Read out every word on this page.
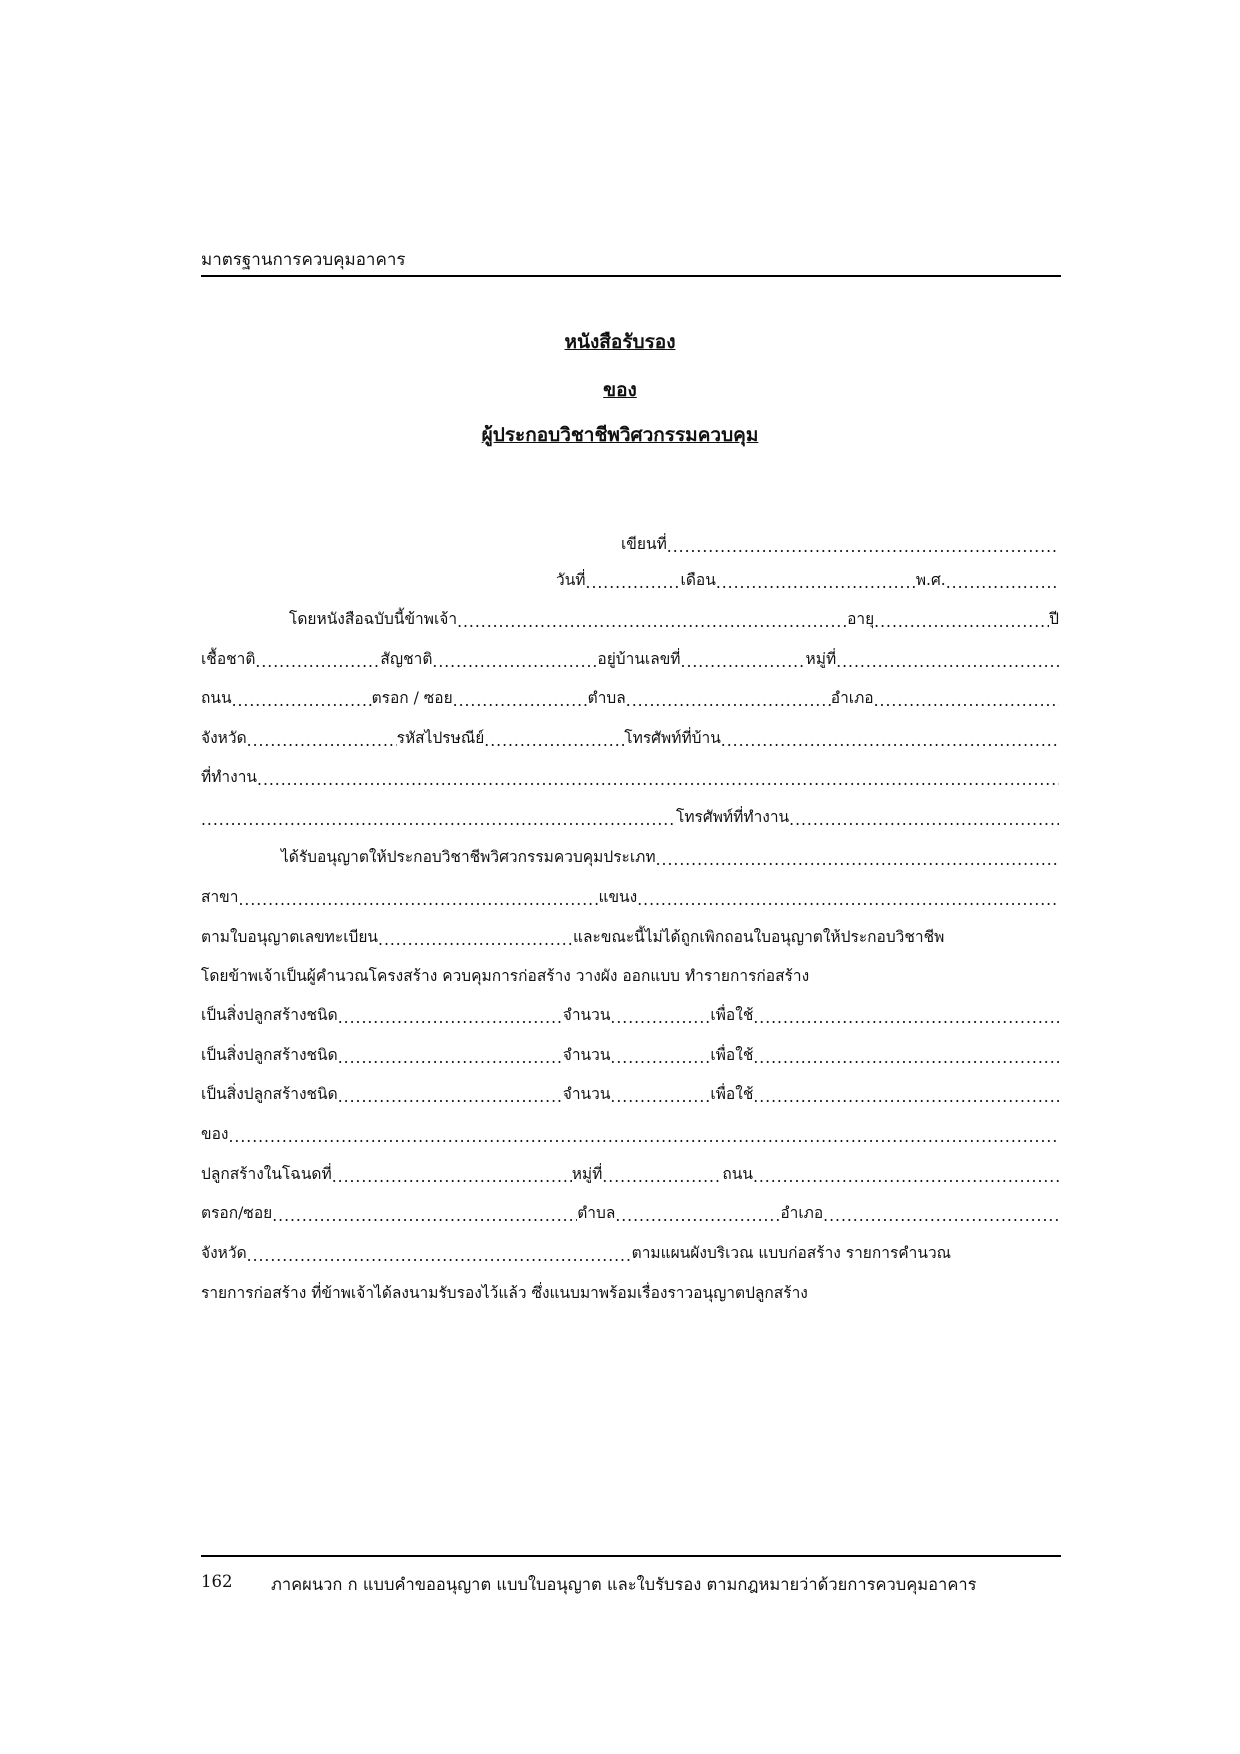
มาตรฐานการควบคุมอาคาร
หนังสือรับรอง
ของ
ผู้ประกอบวิชาชีพวิศวกรรมควบคุม
เขียนที่
.....
วันที่ .....	เดือน .....	พ.ศ.
.....
โดยหนังสือฉบับนี้ข้าพเจ้า .....	อายุ .....	ปี
เชื้อชาติ .....	สัญชาติ .....	อยู่บ้านเลขที่ .....	หมู่ที่
.....
ถนน .....	ตรอก / ซอย .....	ตำบล .....	อำเภอ
.....
จังหวัด .....	รหัสไปรษณีย์ .....	โทรศัพท์ที่บ้าน
.....
ที่ทำงาน
.....
.....
โทรศัพท์ที่ทำงาน
.....
ได้รับอนุญาตให้ประกอบวิชาชีพวิศวกรรมควบคุมประเภท
.....
สาขา .....	แขนง
.....
ตามใบอนุญาตเลขทะเบียน .....	และขณะนี้ไม่ได้ถูกเพิกถอนใบอนุญาตให้ประกอบวิชาชีพ
โดยข้าพเจ้าเป็นผู้คำนวณโครงสร้าง ควบคุมการก่อสร้าง วางผัง ออกแบบ ทำรายการก่อสร้าง
เป็นสิ่งปลูกสร้างชนิด .....	จำนวน .....	เพื่อใช้
.....
เป็นสิ่งปลูกสร้างชนิด .....	จำนวน .....	เพื่อใช้
.....
เป็นสิ่งปลูกสร้างชนิด .....	จำนวน .....	เพื่อใช้
.....
ของ
.....
ปลูกสร้างในโฉนดที่ .....	หมู่ที่ .....	ถนน
.....
ตรอก/ซอย .....	ตำบล .....	อำเภอ
.....
จังหวัด .....	ตามแผนผังบริเวณ แบบก่อสร้าง รายการคำนวณ
รายการก่อสร้าง ที่ข้าพเจ้าได้ลงนามรับรองไว้แล้ว ซึ่งแนบมาพร้อมเรื่องราวอนุญาตปลูกสร้าง
162	ภาคผนวก ก แบบคำขออนุญาต แบบใบอนุญาต และใบรับรอง ตามกฎหมายว่าด้วยการควบคุมอาคาร
